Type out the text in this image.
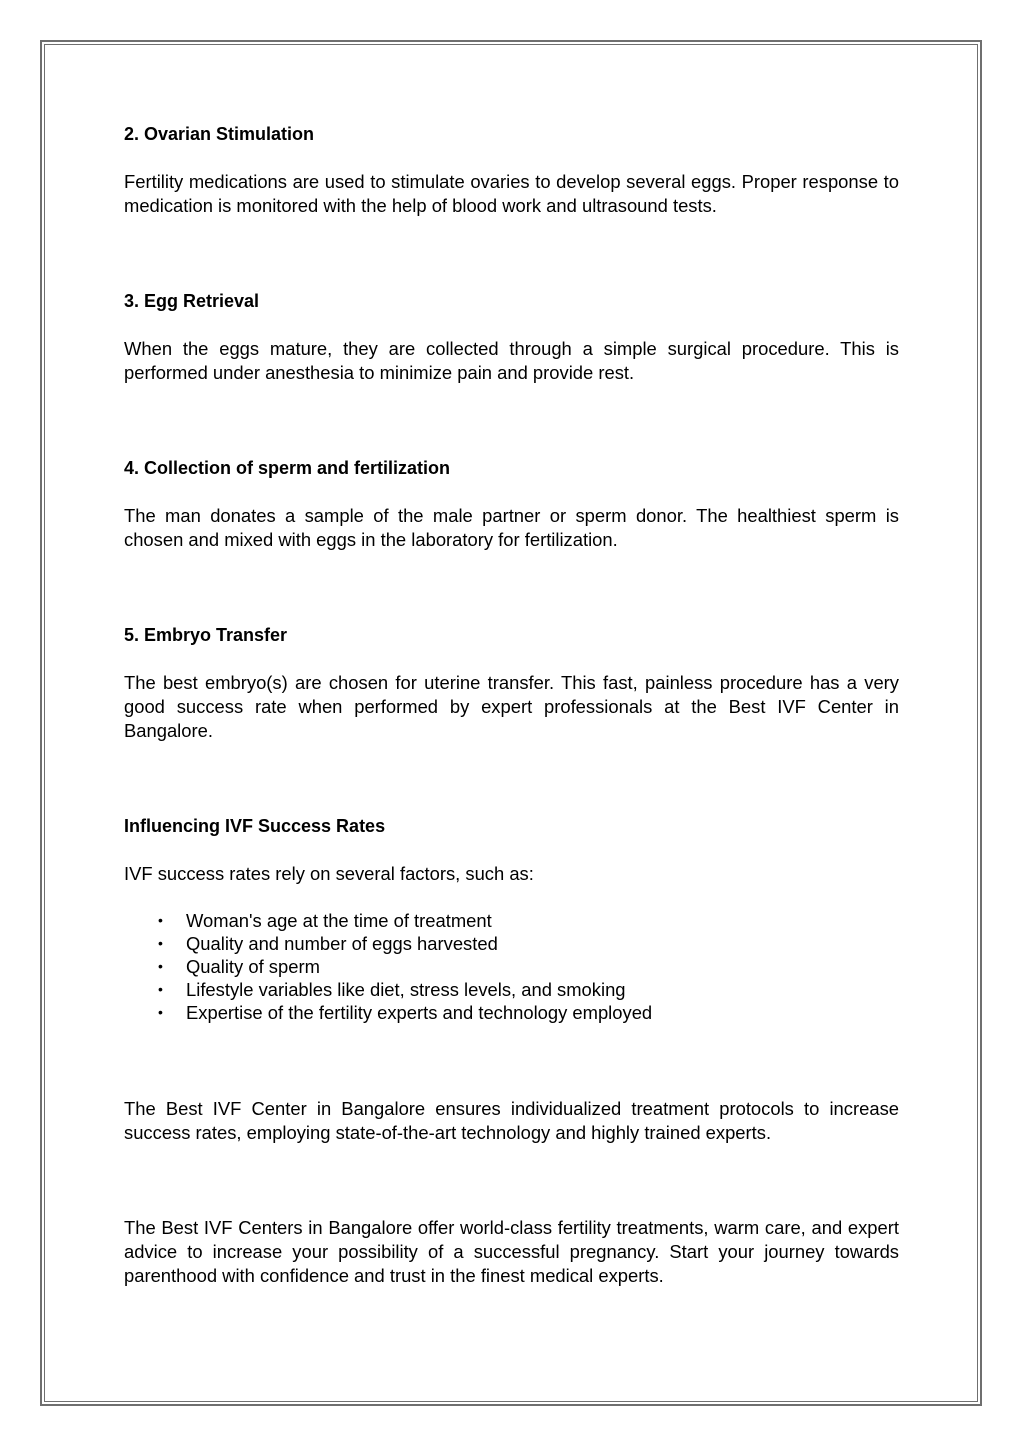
2. Ovarian Stimulation

Fertility medications are used to stimulate ovaries to develop several eggs. Proper response to medication is monitored with the help of blood work and ultrasound tests.

3. Egg Retrieval

When the eggs mature, they are collected through a simple surgical procedure. This is performed under anesthesia to minimize pain and provide rest.

4. Collection of sperm and fertilization

The man donates a sample of the male partner or sperm donor. The healthiest sperm is chosen and mixed with eggs in the laboratory for fertilization.

5. Embryo Transfer

The best embryo(s) are chosen for uterine transfer. This fast, painless procedure has a very good success rate when performed by expert professionals at the Best IVF Center in Bangalore.

Influencing IVF Success Rates

IVF success rates rely on several factors, such as:

• Woman's age at the time of treatment
• Quality and number of eggs harvested
• Quality of sperm
• Lifestyle variables like diet, stress levels, and smoking
• Expertise of the fertility experts and technology employed

The Best IVF Center in Bangalore ensures individualized treatment protocols to increase success rates, employing state-of-the-art technology and highly trained experts.

The Best IVF Centers in Bangalore offer world-class fertility treatments, warm care, and expert advice to increase your possibility of a successful pregnancy. Start your journey towards parenthood with confidence and trust in the finest medical experts.
